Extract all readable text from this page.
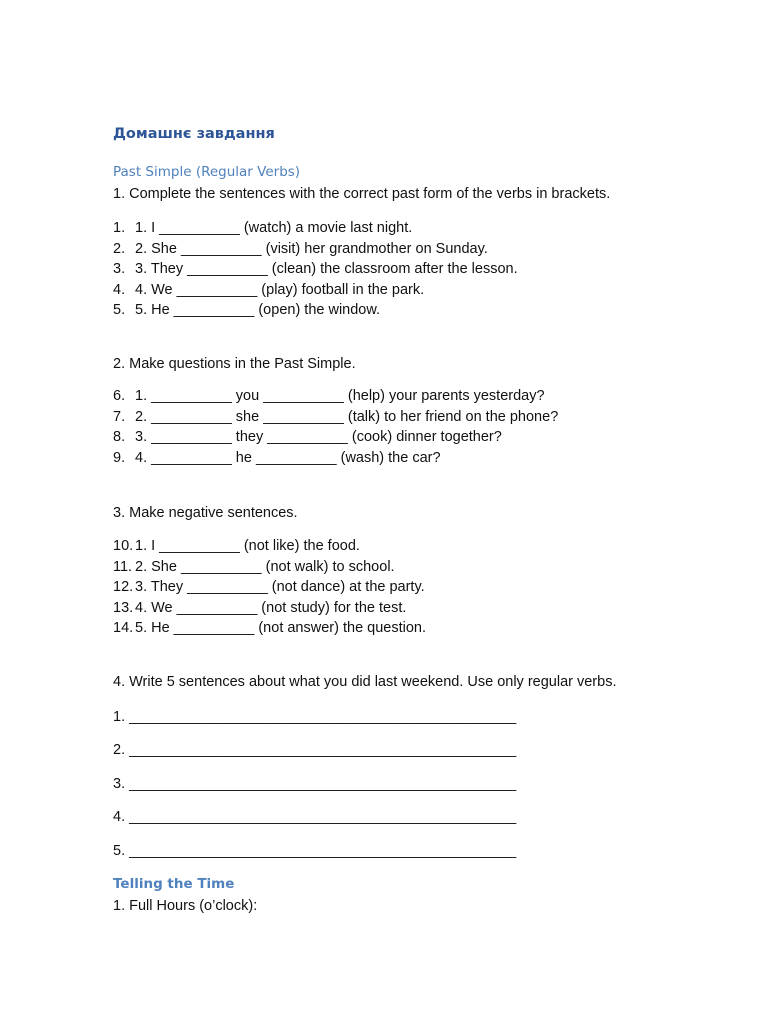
Домашнє завдання
Past Simple (Regular Verbs)
1. Complete the sentences with the correct past form of the verbs in brackets.
1. 1. I __________ (watch) a movie last night.
2. 2. She __________ (visit) her grandmother on Sunday.
3. 3. They __________ (clean) the classroom after the lesson.
4. 4. We __________ (play) football in the park.
5. 5. He __________ (open) the window.
2. Make questions in the Past Simple.
6. 1. __________ you __________ (help) your parents yesterday?
7. 2. __________ she __________ (talk) to her friend on the phone?
8. 3. __________ they __________ (cook) dinner together?
9. 4. __________ he __________ (wash) the car?
3. Make negative sentences.
10. 1. I __________ (not like) the food.
11. 2. She __________ (not walk) to school.
12. 3. They __________ (not dance) at the party.
13. 4. We __________ (not study) for the test.
14. 5. He __________ (not answer) the question.
4. Write 5 sentences about what you did last weekend. Use only regular verbs.
1. ________________________________________________
2. ________________________________________________
3. ________________________________________________
4. ________________________________________________
5. ________________________________________________
Telling the Time
1. Full Hours (o’clock):
